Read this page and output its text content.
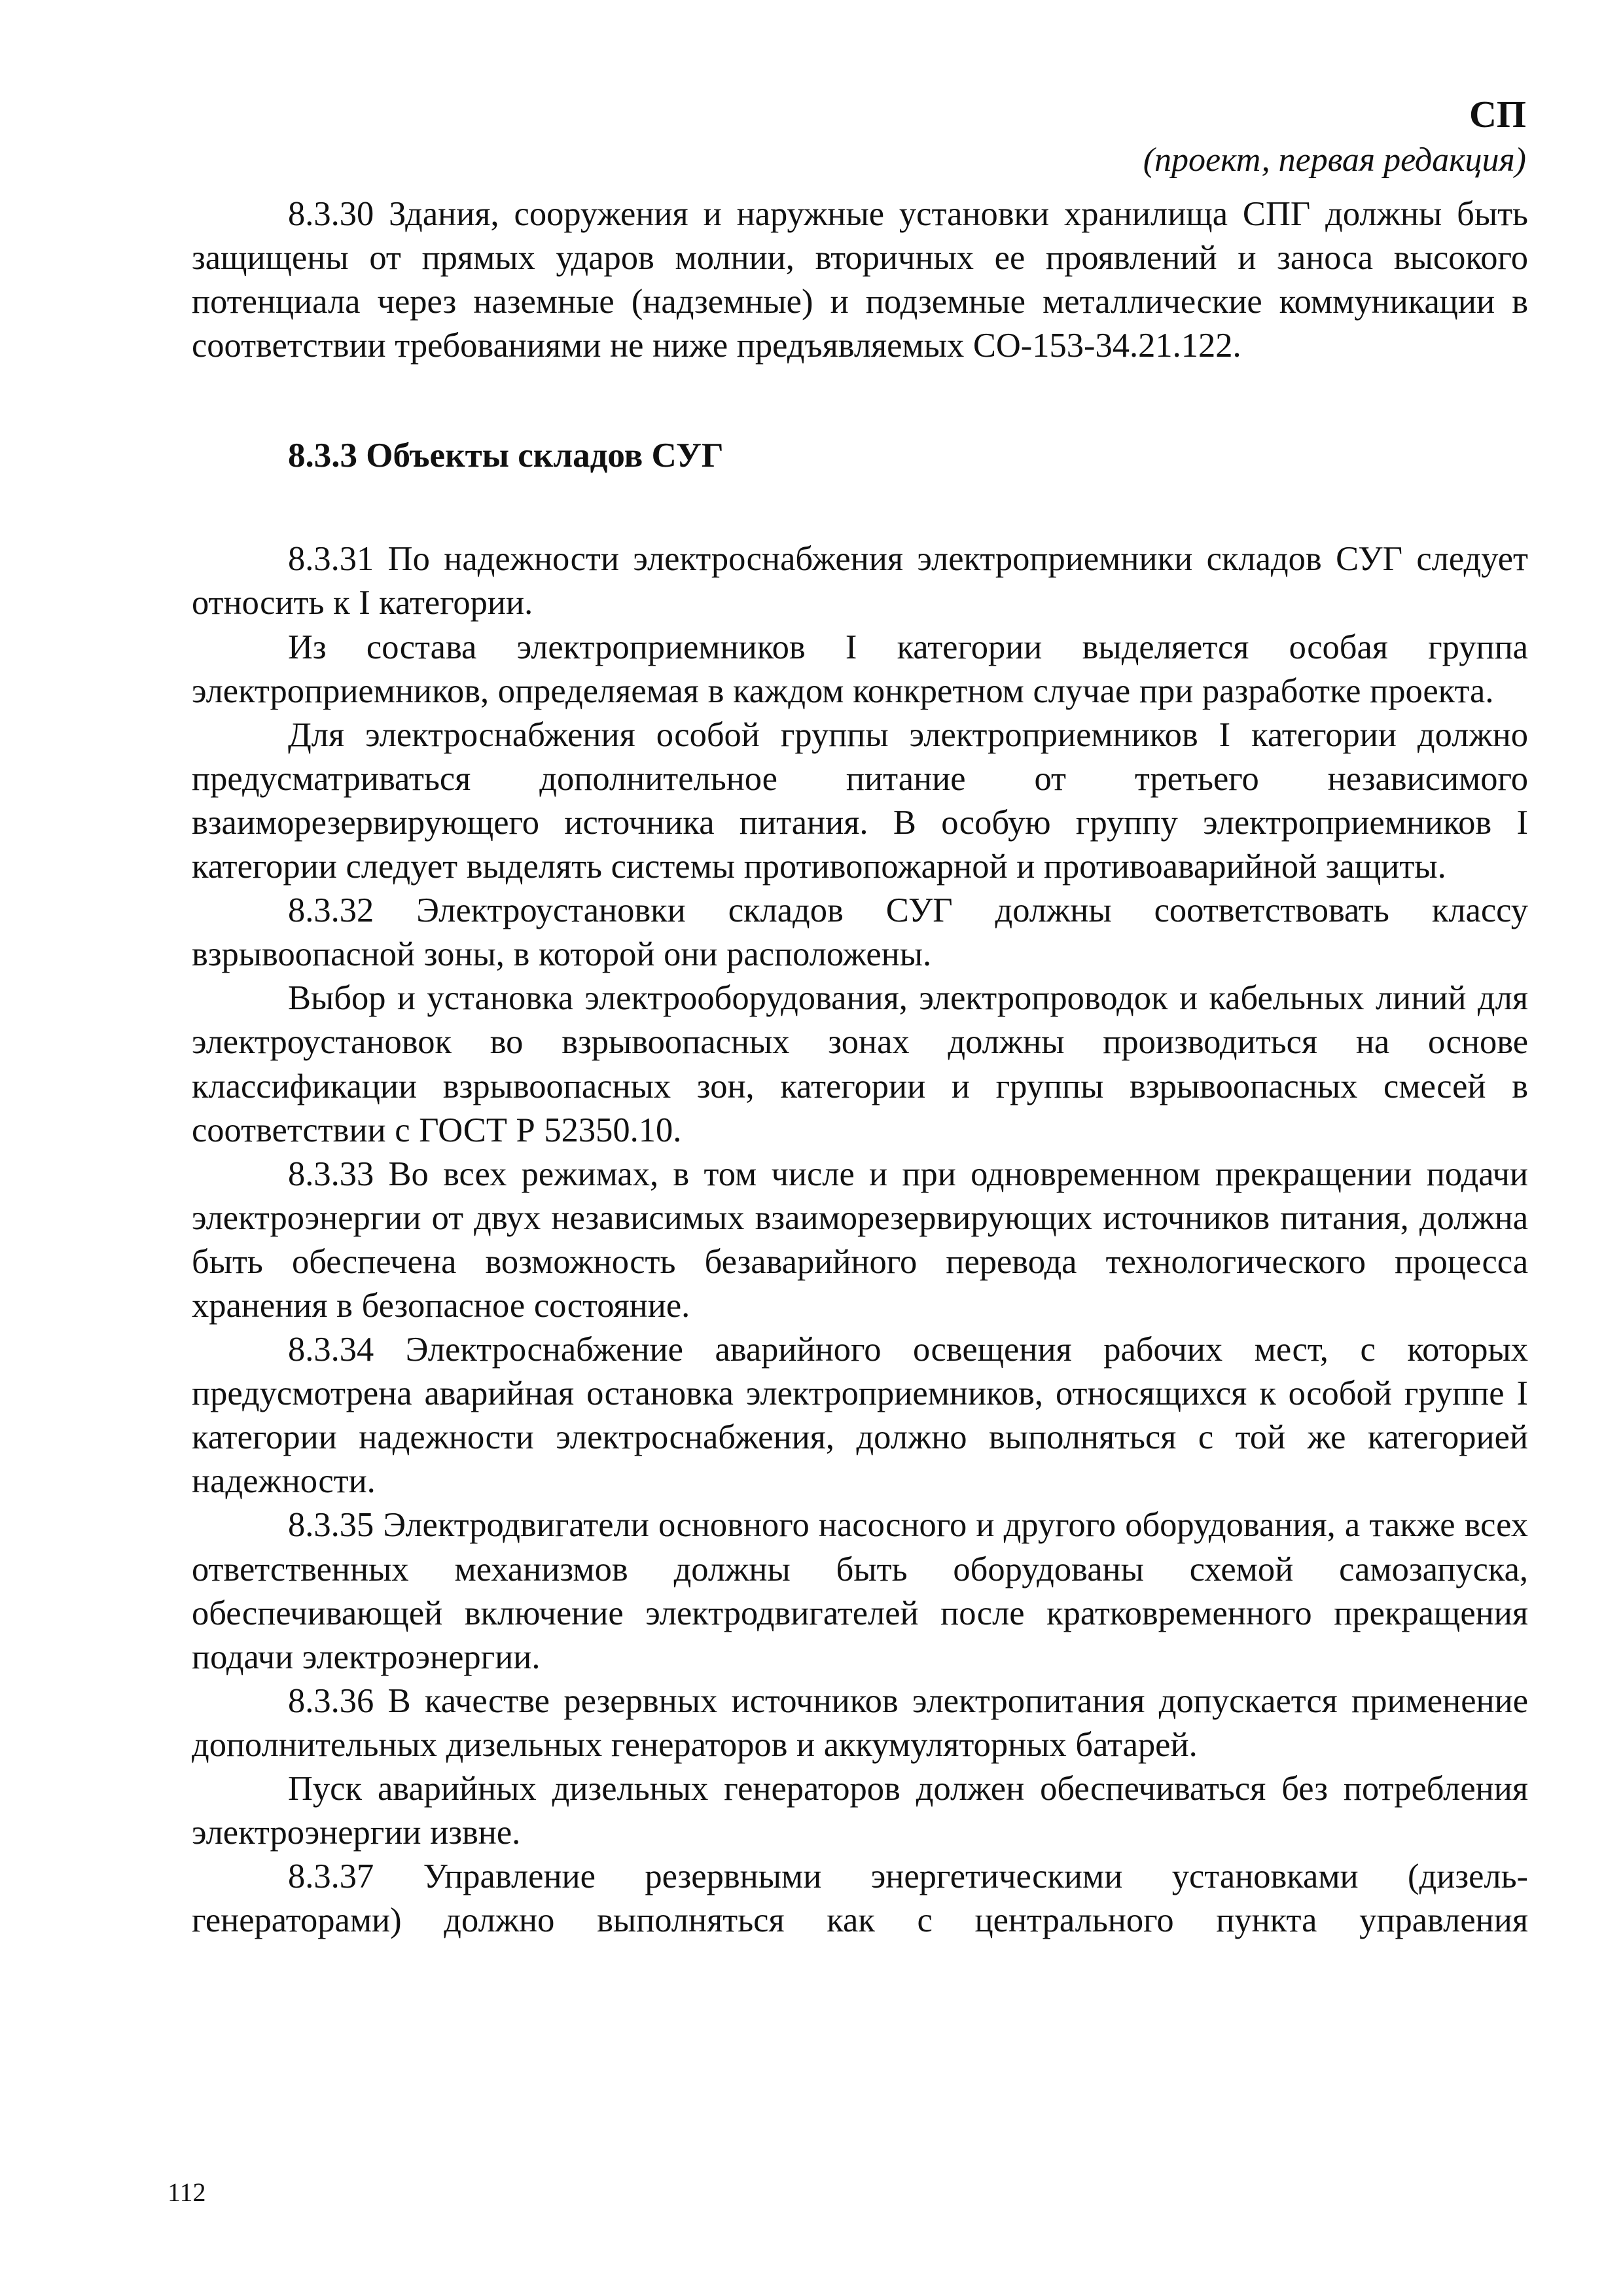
СП
(проект, первая редакция)

8.3.30 Здания, сооружения и наружные установки хранилища СПГ должны быть защищены от прямых ударов молнии, вторичных ее проявлений и заноса высокого потенциала через наземные (надземные) и подземные металлические коммуникации в соответствии требованиями не ниже предъявляемых СО-153-34.21.122.

8.3.3 Объекты складов СУГ

8.3.31 По надежности электроснабжения электроприемники складов СУГ следует относить к I категории.

Из состава электроприемников I категории выделяется особая группа электроприемников, определяемая в каждом конкретном случае при разработке проекта.

Для электроснабжения особой группы электроприемников I категории должно предусматриваться дополнительное питание от третьего независимого взаиморезервирующего источника питания. В особую группу электроприемников I категории следует выделять системы противопожарной и противоаварийной защиты.

8.3.32 Электроустановки складов СУГ должны соответствовать классу взрывоопасной зоны, в которой они расположены.

Выбор и установка электрооборудования, электропроводок и кабельных линий для электроустановок во взрывоопасных зонах должны производиться на основе классификации взрывоопасных зон, категории и группы взрывоопасных смесей в соответствии с ГОСТ Р 52350.10.

8.3.33 Во всех режимах, в том числе и при одновременном прекращении подачи электроэнергии от двух независимых взаиморезервирующих источников питания, должна быть обеспечена возможность безаварийного перевода технологического процесса хранения в безопасное состояние.

8.3.34 Электроснабжение аварийного освещения рабочих мест, с которых предусмотрена аварийная остановка электроприемников, относящихся к особой группе I категории надежности электроснабжения, должно выполняться с той же категорией надежности.

8.3.35 Электродвигатели основного насосного и другого оборудования, а также всех ответственных механизмов должны быть оборудованы схемой самозапуска, обеспечивающей включение электродвигателей после кратковременного прекращения подачи электроэнергии.

8.3.36 В качестве резервных источников электропитания допускается применение дополнительных дизельных генераторов и аккумуляторных батарей.

Пуск аварийных дизельных генераторов должен обеспечиваться без потребления электроэнергии извне.

8.3.37 Управление резервными энергетическими установками (дизель-генераторами) должно выполняться как с центрального пункта управления

112
